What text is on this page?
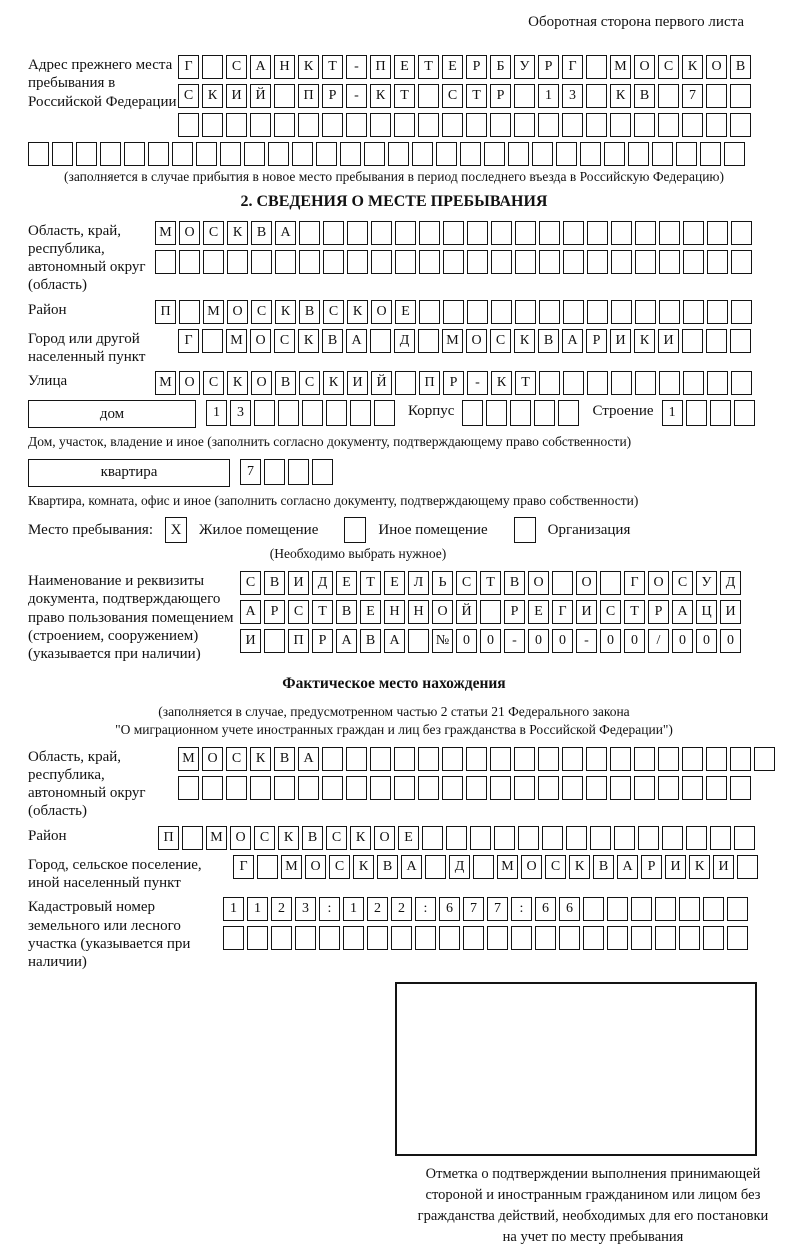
Оборотная сторона первого листа
Адрес прежнего места пребывания в Российской Федерации
Г	С	А Н	К	Т	-	П	Е	Т	Е	Р	Б	У	Р	Г	М О	С	К	О	В
С	К	И Й	П	Р	-	К	Т	С	Т	Р	1	3	К	В	7
(заполняется в случае прибытия в новое место пребывания в период последнего въезда в Российскую Федерацию)
2. СВЕДЕНИЯ О МЕСТЕ ПРЕБЫВАНИЯ
Область, край, республика, автономный округ (область)
М О	С	К	В	А
Район	П	М О	С	К	В	С	К	О	Е
Город или другой населенный пункт
Г	М О	С	К	В	А	Д	М О	С	К	В	А	Р	И	К	И
Улица	М О	С	К	О	В	С	К	И Й	П	Р	-	К	Т
дом	1	3	Корпус	Строение	1
Дом, участок, владение и иное (заполнить согласно документу, подтверждающему право собственности)
квартира	7
Квартира, комната, офис и иное (заполнить согласно документу, подтверждающему право собственности)
Место пребывания:	X	Жилое помещение	Иное помещение	Организация
(Необходимо выбрать нужное)
Наименование и реквизиты документа, подтверждающего право пользования помещением (строением, сооружением) (указывается при наличии)
С	В	И	Д	Е	Т	Е	Л	Ь	С	Т	В	О	О	Г	О	С	У	Д
А	Р	С	Т	В	Е	Н Н О Й	Р	Е	Г	И	С	Т	Р	А Ц И
И	П	Р	А	В	А	№ 0	0	-	0	0	-	0	0	/	0	0	0
Фактическое место нахождения
(заполняется в случае, предусмотренном частью 2 статьи 21 Федерального закона
"О миграционном учете иностранных граждан и лиц без гражданства в Российской Федерации")
Область, край, республика, автономный округ (область)
М О	С	К	В	А
Район	П	М О	С	К	В	С	К	О	Е
Город, сельское поселение, иной населенный пункт
Г	М О	С	К	В	А	Д	М О	С	К	В	А	Р	И	К	И
Кадастровый номер земельного или лесного участка (указывается при наличии)
1	1	2	3	:	1	2	2	:	6	7	7	:	6	6
Отметка о подтверждении выполнения принимающей
стороной и иностранным гражданином или лицом без
гражданства действий, необходимых для его постановки
на учет по месту пребывания
